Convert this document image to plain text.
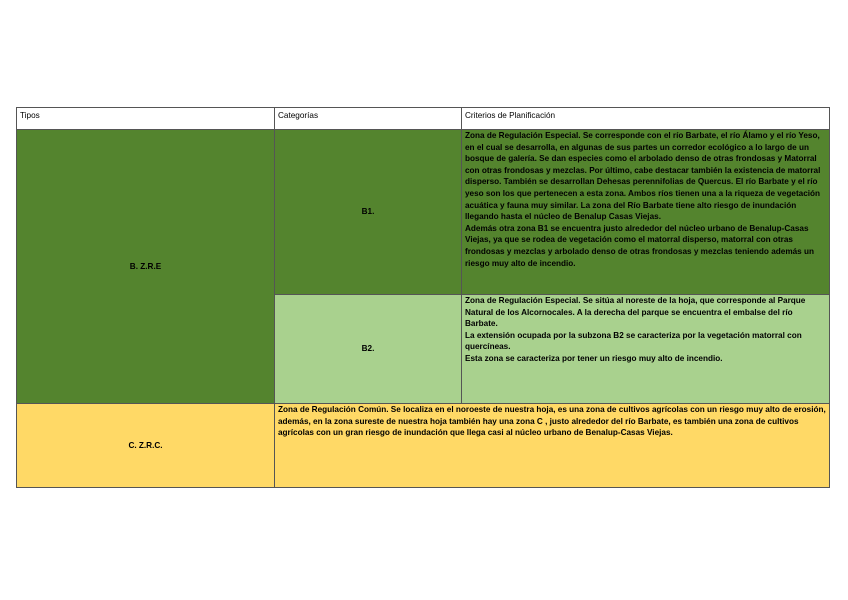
Tipos	Categorías	Criterios de Planificación
B. Z.R.E	B1.	Zona de Regulación Especial. Se corresponde con el río Barbate, el río Álamo y el río Yeso, en el cual se desarrolla, en algunas de sus partes un corredor ecológico a lo largo de un bosque de galería. Se dan especies como el arbolado denso de otras frondosas y Matorral con otras frondosas y mezclas. Por último, cabe destacar también la existencia de matorral disperso. También se desarrollan Dehesas perennifolias de Quercus. El río Barbate y el río yeso son los que pertenecen a esta zona. Ambos ríos tienen una a la riqueza de vegetación acuática y fauna muy similar. La zona del Río Barbate tiene alto riesgo de inundación llegando hasta el núcleo de Benalup Casas Viejas.

Además otra zona B1 se encuentra justo alrededor del núcleo urbano de Benalup-Casas Viejas, ya que se rodea de vegetación como el matorral disperso, matorral con otras frondosas y mezclas y arbolado denso de otras frondosas y mezclas teniendo además un riesgo muy alto de incendio.

	B2.	Zona de Regulación Especial. Se sitúa al noreste de la hoja, que corresponde al Parque Natural de los Alcornocales. A la derecha del parque se encuentra el embalse del río Barbate.

La extensión ocupada por la subzona B2 se caracteriza por la vegetación matorral con quercíneas.

Esta zona se caracteriza por tener un riesgo muy alto de incendio.

C. Z.R.C.	Zona de Regulación Común. Se localiza en el noroeste de nuestra hoja, es una zona de cultivos agrícolas con un riesgo muy alto de erosión, además, en la zona sureste de nuestra hoja también hay una zona C , justo alrededor del río Barbate, es también una zona de cultivos agrícolas con un gran riesgo de inundación que llega casi al núcleo urbano de Benalup-Casas Viejas.	
